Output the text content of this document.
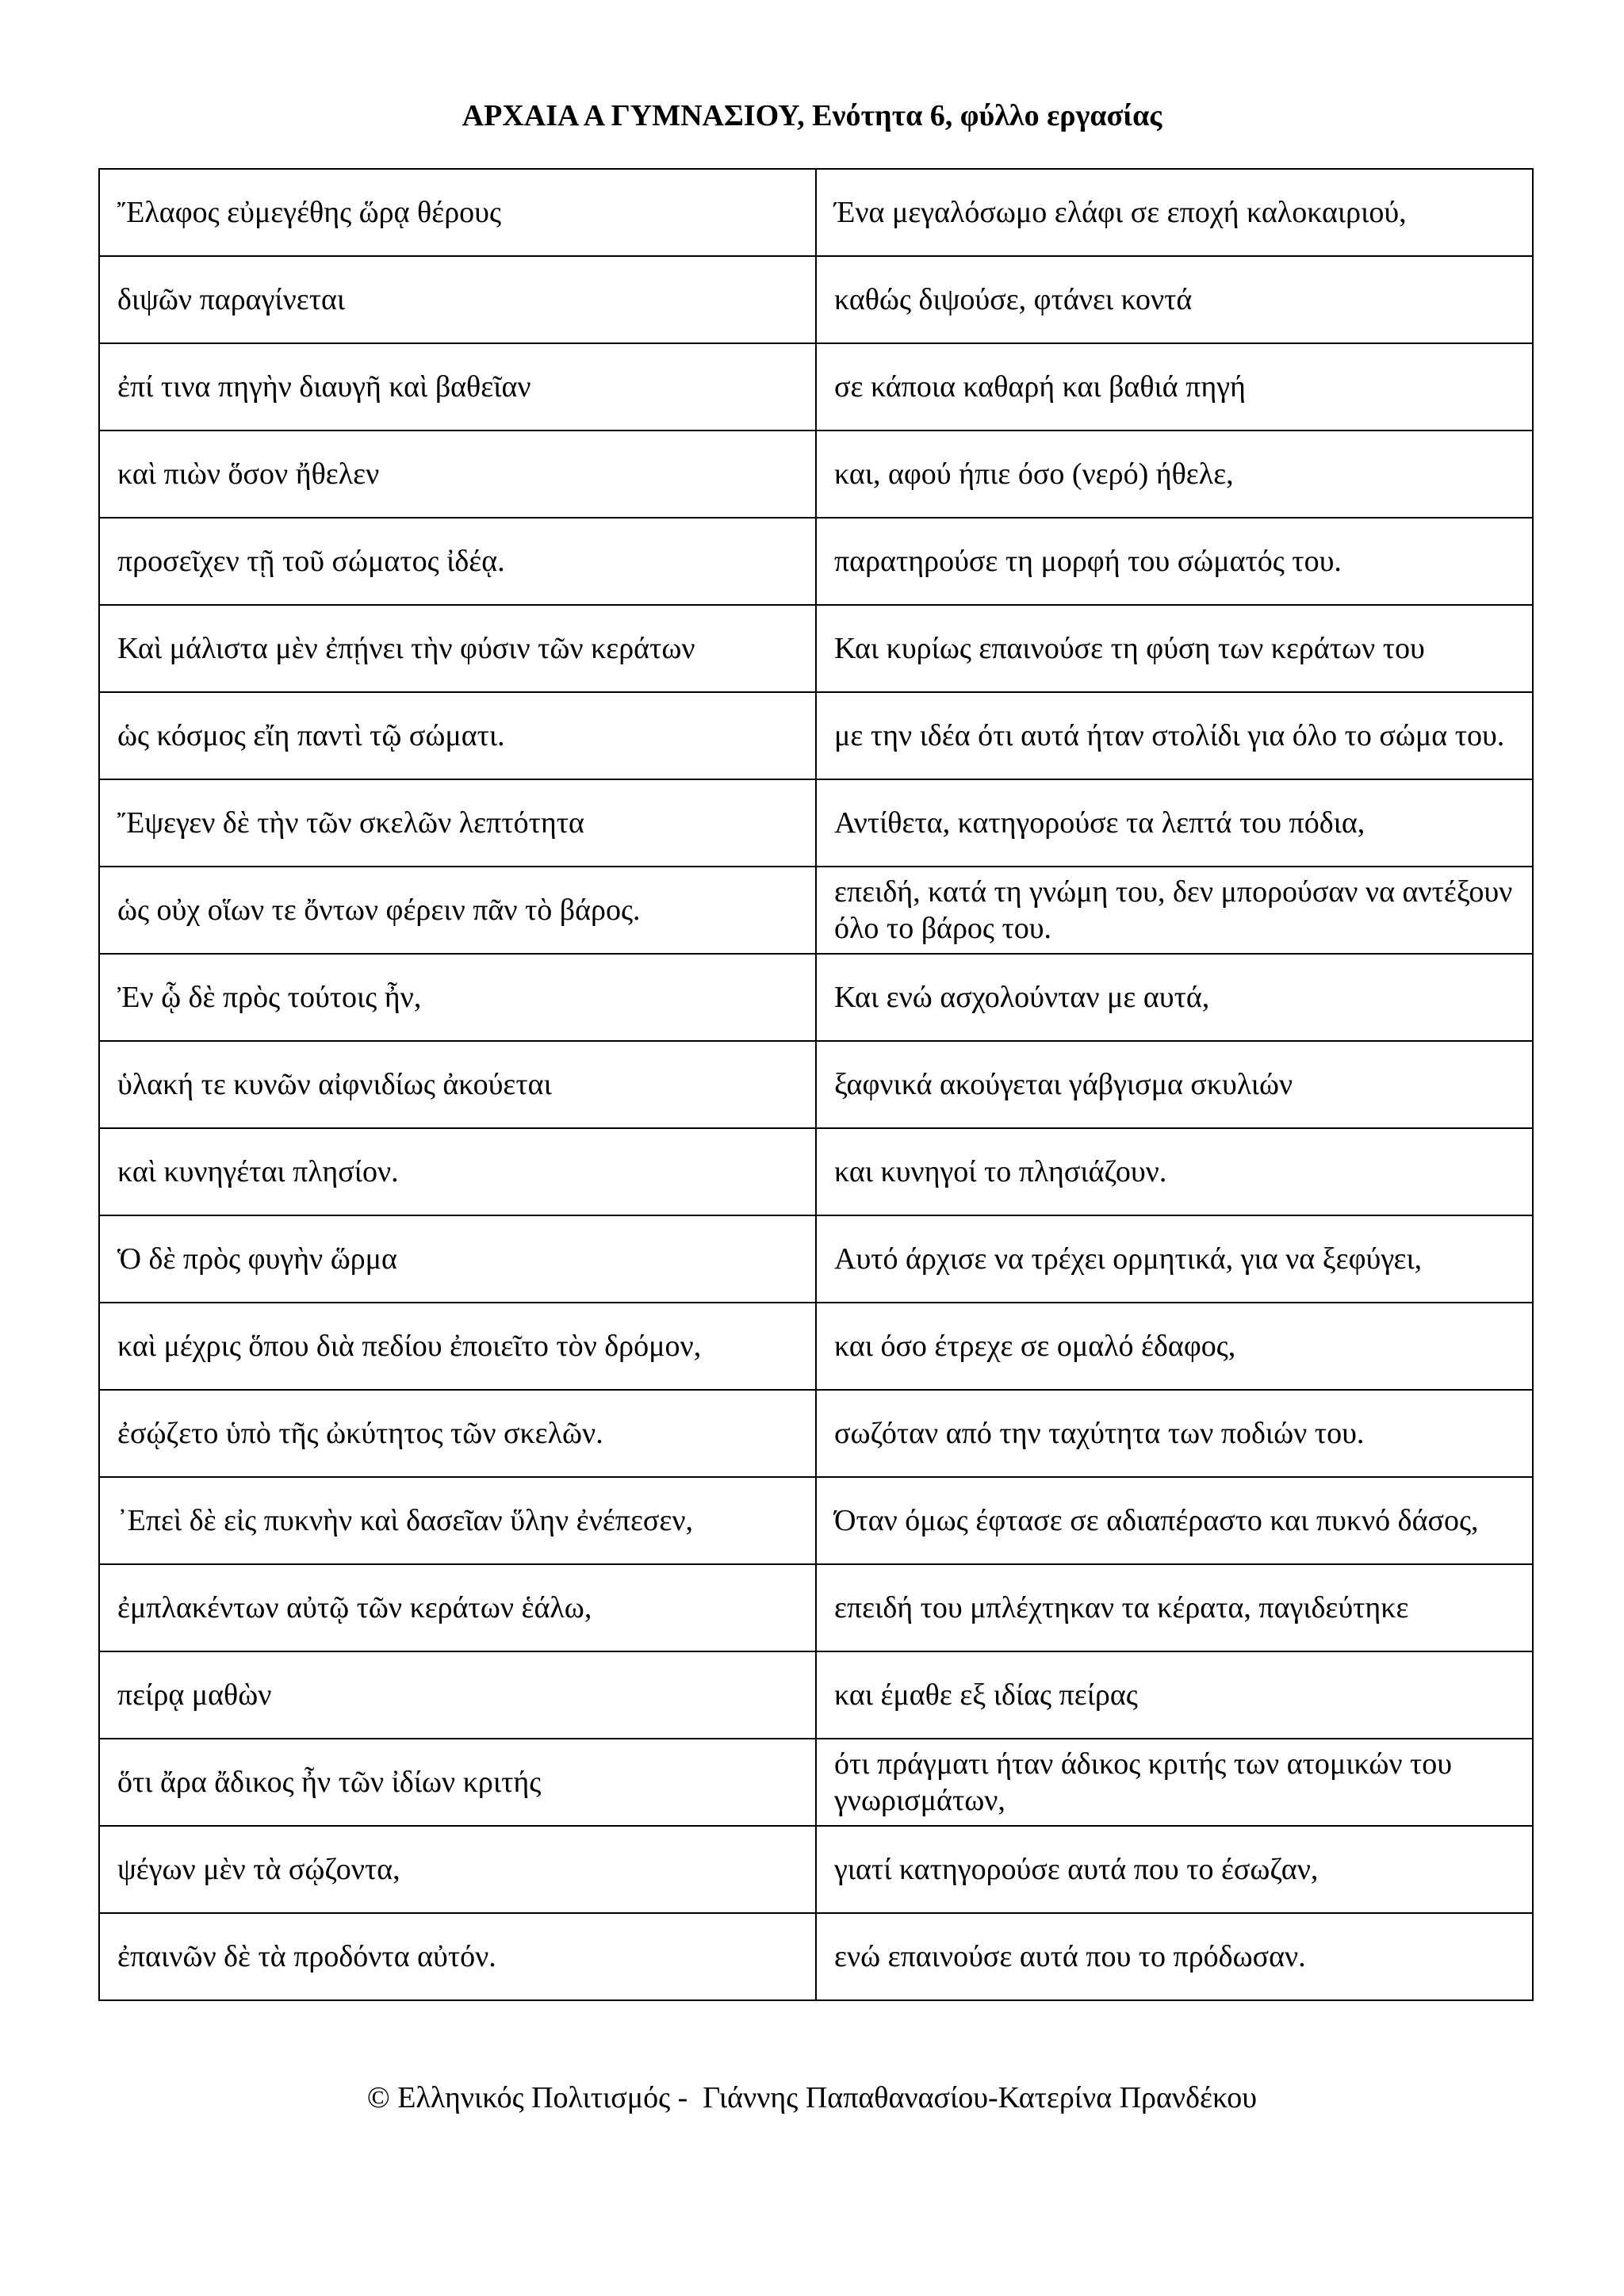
ΑΡΧΑΙΑ Α ΓΥΜΝΑΣΙΟΥ, Ενότητα 6, φύλλο εργασίας
Ἔλαφος εὐμεγέθης ὥρᾳ θέρους	Ένα μεγαλόσωμο ελάφι σε εποχή καλοκαιριού,
διψῶν παραγίνεται	καθώς διψούσε, φτάνει κοντά
ἐπί τινα πηγὴν διαυγῆ καὶ βαθεῖαν	σε κάποια καθαρή και βαθιά πηγή
καὶ πιὼν ὅσον ἤθελεν	και, αφού ήπιε όσο (νερό) ήθελε,
προσεῖχεν τῇ τοῦ σώματος ἰδέᾳ.	παρατηρούσε τη μορφή του σώματός του.
Καὶ μάλιστα μὲν ἐπῄνει τὴν φύσιν τῶν κεράτων	Και κυρίως επαινούσε τη φύση των κεράτων του
ὡς κόσμος εἴη παντὶ τῷ σώματι.	με την ιδέα ότι αυτά ήταν στολίδι για όλο το σώμα του.
Ἔψεγεν δὲ τὴν τῶν σκελῶν λεπτότητα	Αντίθετα, κατηγορούσε τα λεπτά του πόδια,
ὡς οὐχ οἵων τε ὄντων φέρειν πᾶν τὸ βάρος.	επειδή, κατά τη γνώμη του, δεν μπορούσαν να αντέξουν όλο το βάρος του.
Ἐν ᾧ δὲ πρὸς τούτοις ἦν,	Και ενώ ασχολούνταν με αυτά,
ὑλακή τε κυνῶν αἰφνιδίως ἀκούεται	ξαφνικά ακούγεται γάβγισμα σκυλιών
καὶ κυνηγέται πλησίον.	και κυνηγοί το πλησιάζουν.
Ὁ δὲ πρὸς φυγὴν ὥρμα	Αυτό άρχισε να τρέχει ορμητικά, για να ξεφύγει,
καὶ μέχρις ὅπου διὰ πεδίου ἐποιεῖτο τὸν δρόμον,	και όσο έτρεχε σε ομαλό έδαφος,
ἐσῴζετο ὑπὸ τῆς ὠκύτητος τῶν σκελῶν.	σωζόταν από την ταχύτητα των ποδιών του.
᾿Επεὶ δὲ εἰς πυκνὴν καὶ δασεῖαν ὕλην ἐνέπεσεν,	Όταν όμως έφτασε σε αδιαπέραστο και πυκνό δάσος,
ἐμπλακέντων αὐτῷ τῶν κεράτων ἑάλω,	επειδή του μπλέχτηκαν τα κέρατα, παγιδεύτηκε
πείρᾳ μαθὼν	και έμαθε εξ ιδίας πείρας
ὅτι ἄρα ἄδικος ἦν τῶν ἰδίων κριτής	ότι πράγματι ήταν άδικος κριτής των ατομικών του γνωρισμάτων,
ψέγων μὲν τὰ σῴζοντα,	γιατί κατηγορούσε αυτά που το έσωζαν,
ἐπαινῶν δὲ τὰ προδόντα αὐτόν.	ενώ επαινούσε αυτά που το πρόδωσαν.
© Ελληνικός Πολιτισμός -  Γιάννης Παπαθανασίου-Κατερίνα Πρανδέκου
